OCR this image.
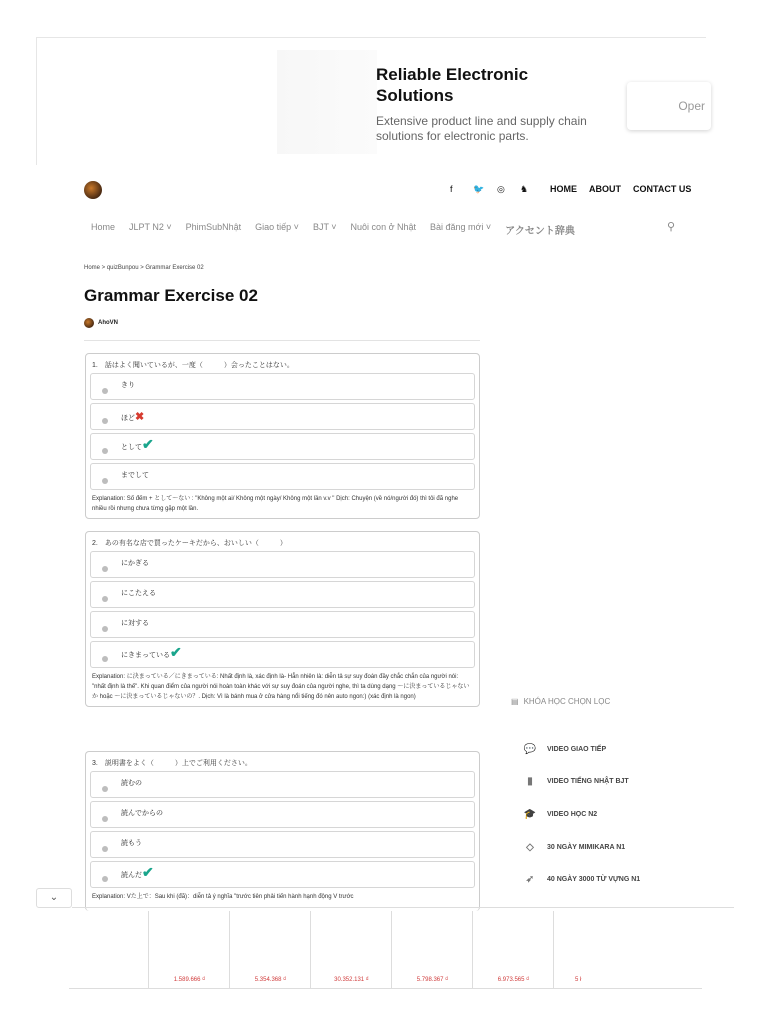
Reliable Electronic Solutions
Extensive product line and supply chain solutions for electronic parts.
Oper
f 🐦 ◎ ♞ HOME ABOUT CONTACT US
Home JLPT N2 ˅ PhimSubNhật Giao tiếp ˅ BJT ˅ Nuôi con ở Nhật Bài đăng mới ˅ アクセント辞典	⚲
Home > quizBunpou > Grammar Exercise 02
Grammar Exercise 02
AhoVN
1.　話はよく聞いているが、一度（　　　）会ったことはない。
きり
ほど✖
として✔
までして
Explanation: Số đếm + として～ない : "Không một ai/ Không một ngày/ Không một lần v.v " Dịch: Chuyện (về nó/người đó) thì tôi đã nghe nhiều rồi nhưng chưa từng gặp một lần.
2.　あの有名な店で買ったケーキだから、おいしい（　　　）
にかぎる
にこたえる
に対する
にきまっている✔
Explanation: に決まっている／にきまっている: Nhất định là, xác định là- Hẳn nhiên là: diễn tả sự suy đoán đầy chắc chắn của người nói: "nhất định là thế". Khi quan điểm của người nói hoàn toàn khác với sự suy đoán của người nghe, thì ta dùng dạng ～に決まっているじゃないか hoặc ～に決まっているじゃないの？. Dịch: Vì là bánh mua ở cửa hàng nổi tiếng đó nên auto ngon:) (xác định là ngon)
3.　説明書をよく（　　　）上でご利用ください。
読むの
読んでからの
読もう
読んだ✔
Explanation: Vた上で：Sau khi (đã)：diễn tả ý nghĩa "trước tiên phải tiến hành hạnh động V trước
▤ KHÓA HỌC CHỌN LỌC
💬	VIDEO GIAO TIẾP
▮	VIDEO TIẾNG NHẬT BJT
🎓	VIDEO HỌC N2
◇	30 NGÀY MIMIKARA N1
➶	40 NGÀY 3000 TỪ VỰNG N1
⌄
1.589.666 ₫	5.354.368 ₫	30.352.131 ₫	5.798.367 ₫	6.973.565 ₫	5 ł
